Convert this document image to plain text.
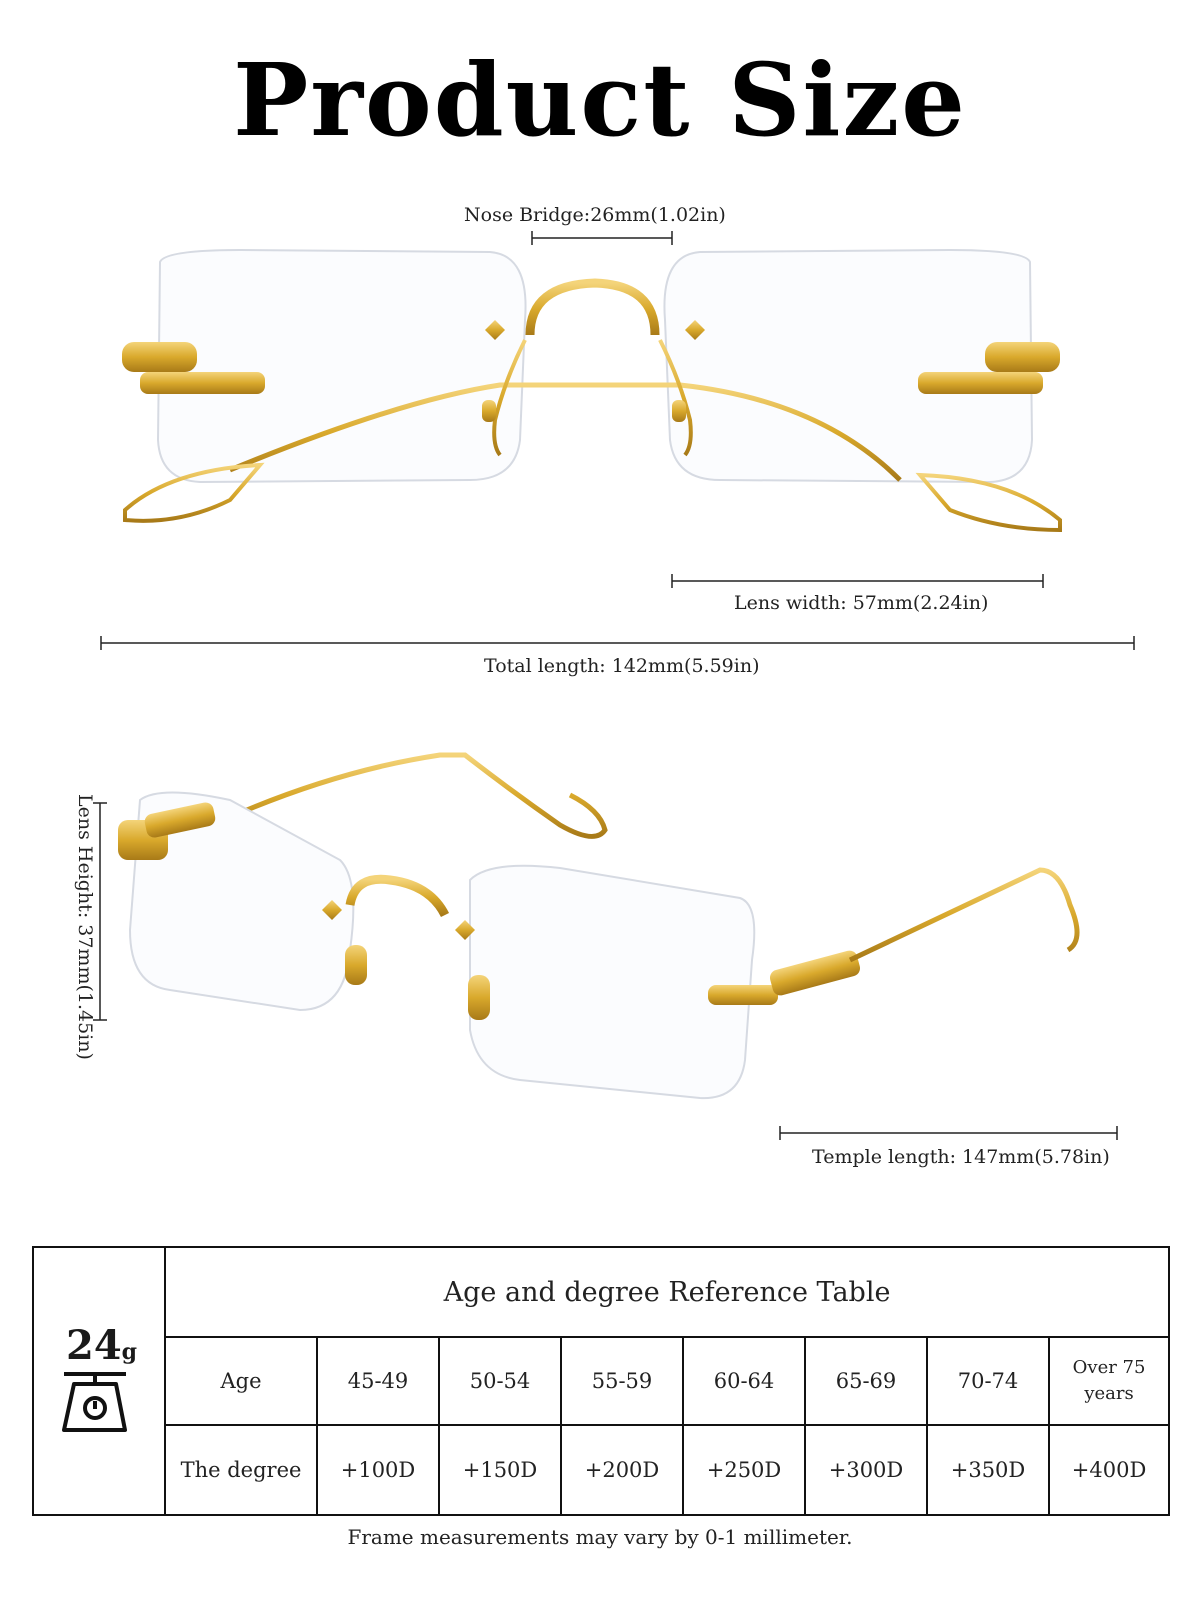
Product Size
Nose Bridge:26mm(1.02in)
Lens width: 57mm(2.24in)
Total length: 142mm(5.59in)
Lens Height: 37mm(1.45in)
Temple length: 147mm(5.78in)
24g
	Age and degree Reference Table							
	Age	45-49	50-54	55-59	60-64	65-69	70-74	Over 75
years

	The degree	+100D	+150D	+200D	+250D	+300D	+350D	+400D
Frame measurements may vary by 0-1 millimeter.
